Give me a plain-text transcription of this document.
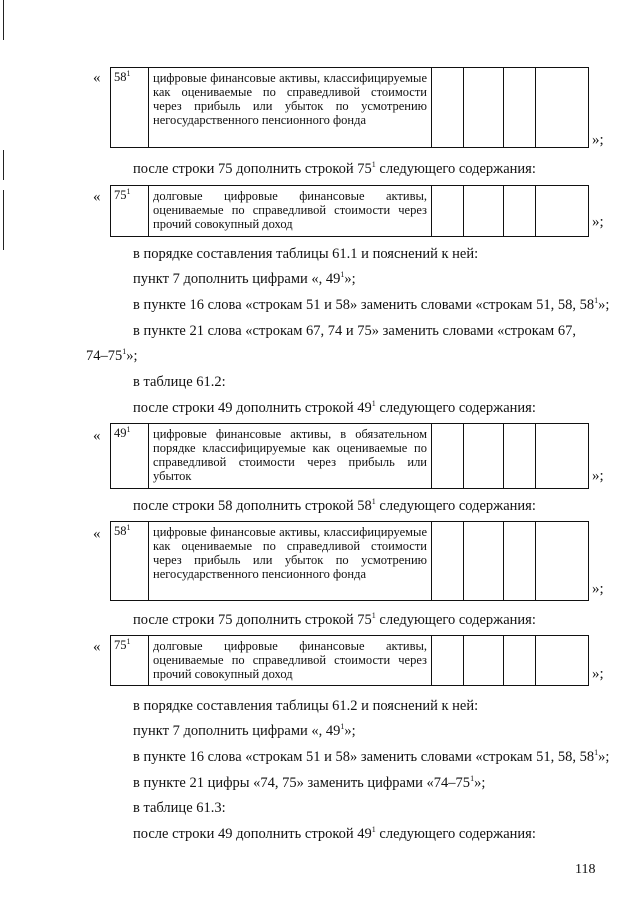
« $58^1$	цифровые финансовые активы, классифицируемые как оцениваемые по справедливой стоимости через прибыль или убыток по усмотрению негосударственного пенсионного фонда				
»;
после строки 75 дополнить строкой $75^1$ следующего содержания:
« $75^1$	долговые цифровые финансовые активы, оцениваемые по справедливой стоимости через прочий совокупный доход					»;
в порядке составления таблицы 61.1 и пояснений к ней:
пункт 7 дополнить цифрами «, $49^1$»;
в пункте 16 слова «строкам 51 и 58» заменить словами «строкам 51, 58, $58^1$»;
в пункте 21 слова «строкам 67, 74 и 75» заменить словами «строкам 67,
$74-75^1$»;
в таблице 61.2:
после строки 49 дополнить строкой $49^1$ следующего содержания:
« $49^1$	цифровые финансовые активы, в обязательном порядке классифицируемые как оцениваемые по справедливой стоимости через прибыль или убыток					»;
после строки 58 дополнить строкой $58^1$ следующего содержания:
« $58^1$	цифровые финансовые активы, классифицируемые как оцениваемые по справедливой стоимости через прибыль или убыток по усмотрению негосударственного пенсионного фонда				
»;
после строки 75 дополнить строкой $75^1$ следующего содержания:
« $75^1$	долговые цифровые финансовые активы, оцениваемые по справедливой стоимости через прочий совокупный доход					»;
в порядке составления таблицы 61.2 и пояснений к ней:
пункт 7 дополнить цифрами «, $49^1$»;
в пункте 16 слова «строкам 51 и 58» заменить словами «строкам 51, 58, $58^1$»;
в пункте 21 цифры «74, 75» заменить цифрами «$74-75^1$»;
в таблице 61.3:
после строки 49 дополнить строкой $49^1$ следующего содержания:
118
